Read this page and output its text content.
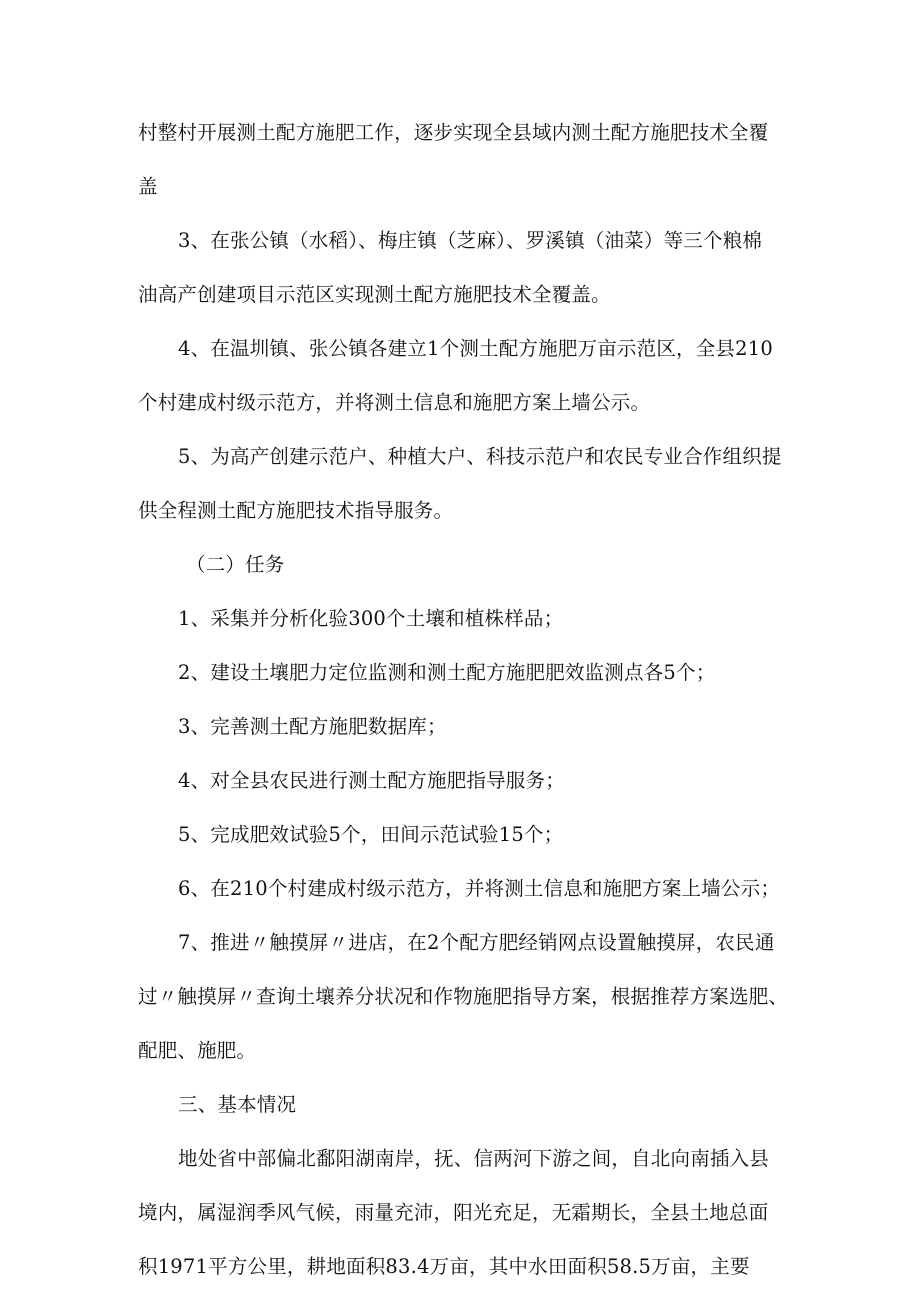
村整村开展测土配方施肥工作，逐步实现全县域内测土配方施肥技术全覆
盖
3、在张公镇（水稻）、梅庄镇（芝麻）、罗溪镇（油菜）等三个粮棉
油高产创建项目示范区实现测土配方施肥技术全覆盖。
4、在温圳镇、张公镇各建立1个测土配方施肥万亩示范区，全县210
个村建成村级示范方，并将测土信息和施肥方案上墙公示。
5、为高产创建示范户、种植大户、科技示范户和农民专业合作组织提
供全程测土配方施肥技术指导服务。
（二）任务
1、采集并分析化验300个土壤和植株样品；
2、建设土壤肥力定位监测和测土配方施肥肥效监测点各5个；
3、完善测土配方施肥数据库；
4、对全县农民进行测土配方施肥指导服务；
5、完成肥效试验5个，田间示范试验15个；
6、在210个村建成村级示范方，并将测土信息和施肥方案上墙公示；
7、推进〃触摸屏〃进店，在2个配方肥经销网点设置触摸屏，农民通
过〃触摸屏〃查询土壤养分状况和作物施肥指导方案，根据推荐方案选肥、
配肥、施肥。
三、基本情况
地处省中部偏北鄱阳湖南岸，抚、信两河下游之间，自北向南插入县
境内，属湿润季风气候，雨量充沛，阳光充足，无霜期长，全县土地总面
积1971平方公里，耕地面积83.4万亩，其中水田面积58.5万亩，主要
